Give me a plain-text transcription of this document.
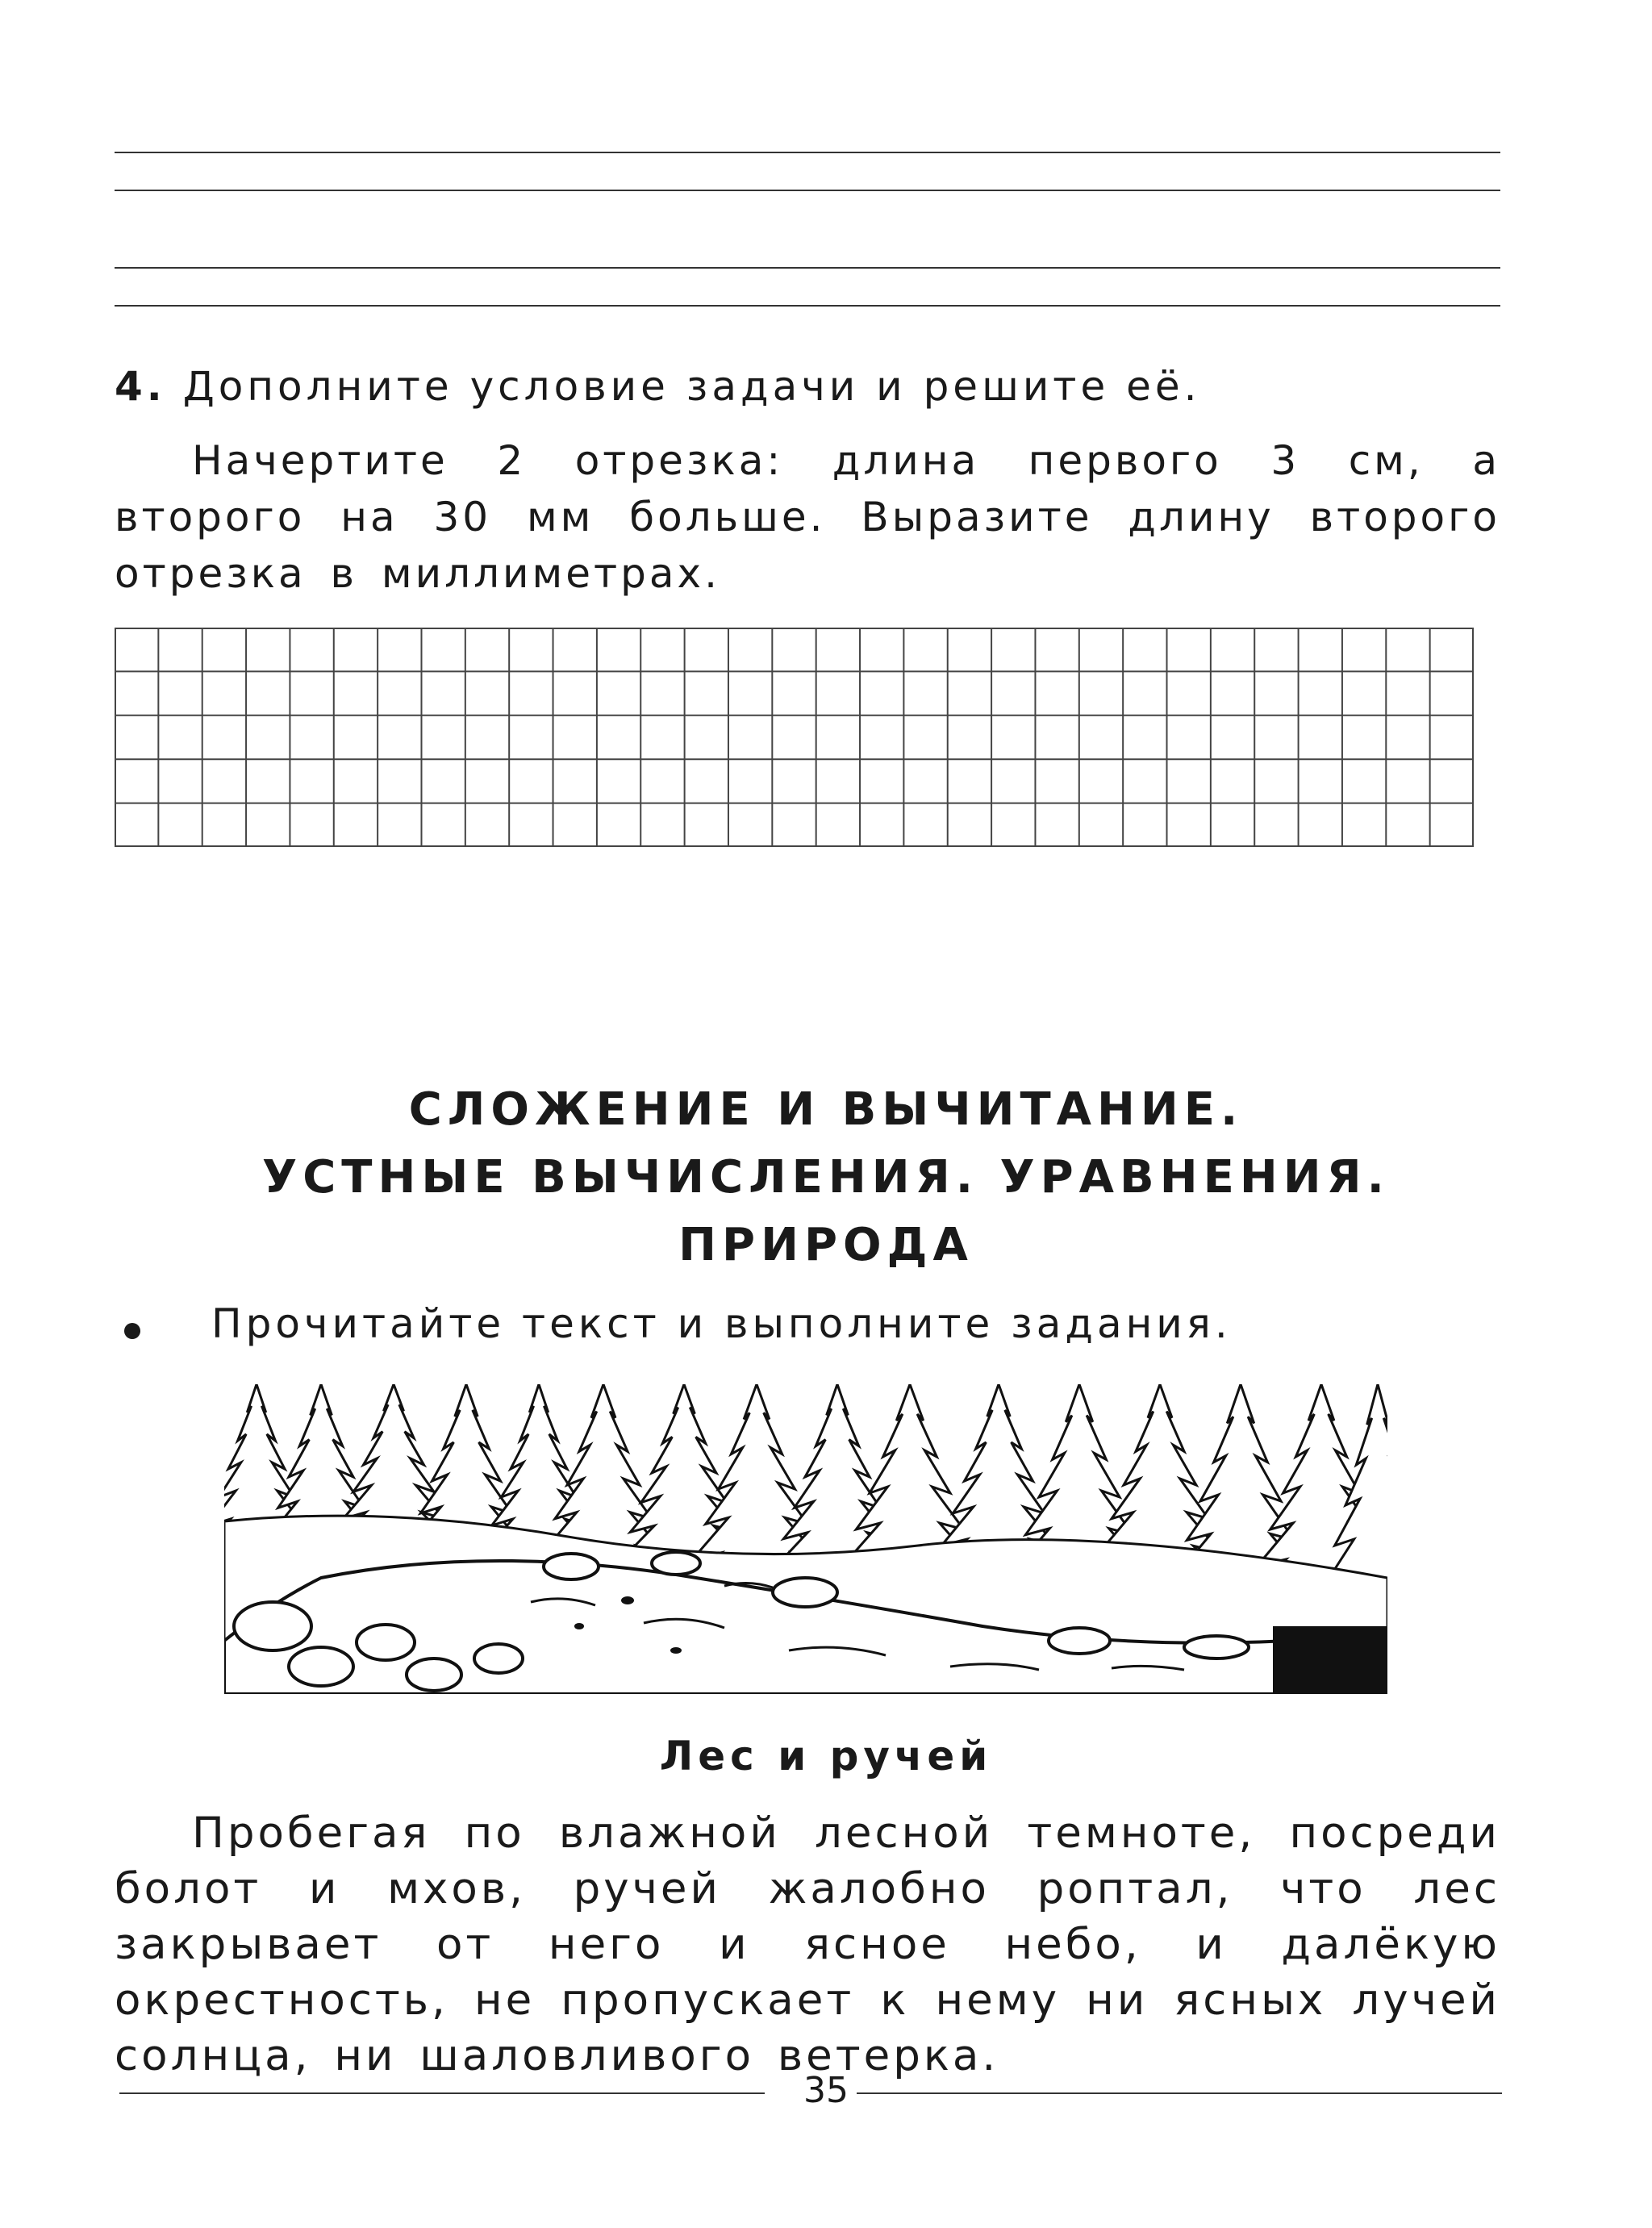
4. Дополните условие задачи и решите её.

Начертите 2 отрезка: длина первого 3 см, а второго на 30 мм больше. Выразите длину второго отрезка в миллиметрах.

СЛОЖЕНИЕ И ВЫЧИТАНИЕ.
УСТНЫЕ ВЫЧИСЛЕНИЯ. УРАВНЕНИЯ.
ПРИРОДА
Прочитайте текст и выполните задания.
Лес и ручей

Пробегая по влажной лесной темноте, посреди болот и мхов, ручей жалобно роптал, что лес закрывает от него и ясное небо, и далёкую окрестность, не пропускает к нему ни ясных лучей солнца, ни шаловливого ветерка.

35
